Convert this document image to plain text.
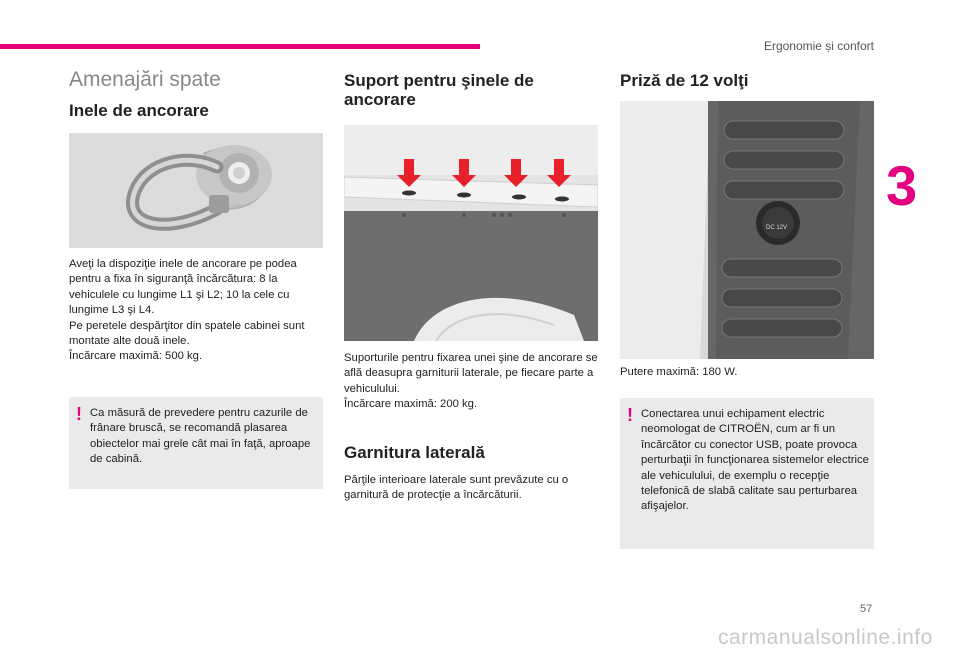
Ergonomie și confort
3
Amenajări spate
Inele de ancorare

Aveţi la dispoziţie inele de ancorare pe podea pentru a fixa în siguranţă încărcătura: 8 la vehiculele cu lungime L1 şi L2; 10 la cele cu lungime L3 şi L4.

Pe peretele despărţitor din spatele cabinei sunt montate alte două inele.

Încărcare maximă: 500 kg.

! Ca măsură de prevedere pentru cazurile de frânare bruscă, se recomandă plasarea obiectelor mai grele cât mai în faţă, aproape de cabină.
Suport pentru şinele de ancorare

Suporturile pentru fixarea unei şine de ancorare se află deasupra garniturii laterale, pe fiecare parte a vehiculului.

Încărcare maximă: 200 kg.

Garnitura laterală

Părţile interioare laterale sunt prevăzute cu o garnitură de protecţie a încărcăturii.

Priză de 12 volţi
DC 12V

Putere maximă: 180 W.

! Conectarea unui echipament electric neomologat de CITROËN, cum ar fi un încărcător cu conector USB, poate provoca perturbaţii în funcţionarea sistemelor electrice ale vehiculului, de exemplu o recepţie telefonică de slabă calitate sau perturbarea afişajelor.
57
carmanualsonline.info
